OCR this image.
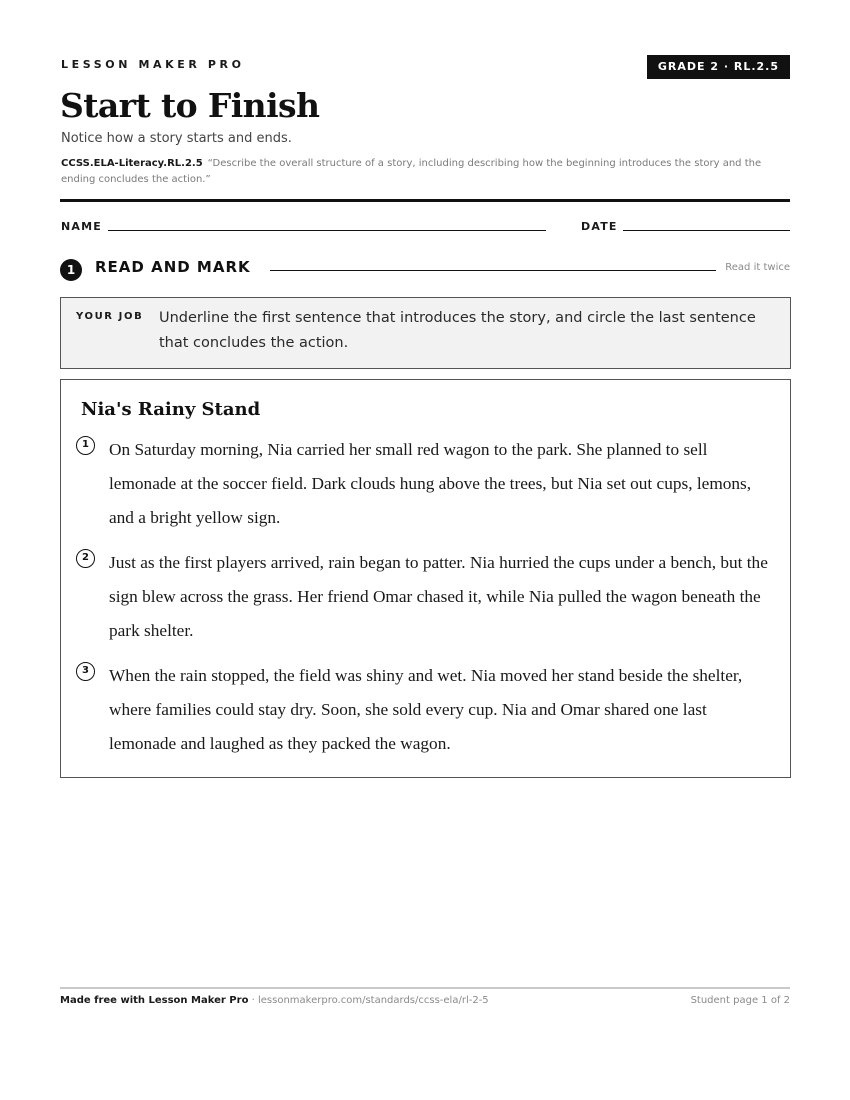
LESSON MAKER PRO	GRADE 2 · RL.2.5
Start to Finish
Notice how a story starts and ends.
CCSS.ELA-Literacy.RL.2.5 “Describe the overall structure of a story, including describing how the beginning introduces the story and the ending concludes the action.”
NAME	DATE
1	READ AND MARK	Read it twice
YOUR JOB Underline the first sentence that introduces the story, and circle the last sentence that concludes the action.
Nia's Rainy Stand
1	On Saturday morning, Nia carried her small red wagon to the park. She planned to sell lemonade at the soccer field. Dark clouds hung above the trees, but Nia set out cups, lemons, and a bright yellow sign.
2	Just as the first players arrived, rain began to patter. Nia hurried the cups under a bench, but the sign blew across the grass. Her friend Omar chased it, while Nia pulled the wagon beneath the park shelter.
3	When the rain stopped, the field was shiny and wet. Nia moved her stand beside the shelter, where families could stay dry. Soon, she sold every cup. Nia and Omar shared one last lemonade and laughed as they packed the wagon.
Made free with Lesson Maker Pro · lessonmakerpro.com/standards/ccss-ela/rl-2-5	Student page 1 of 2
